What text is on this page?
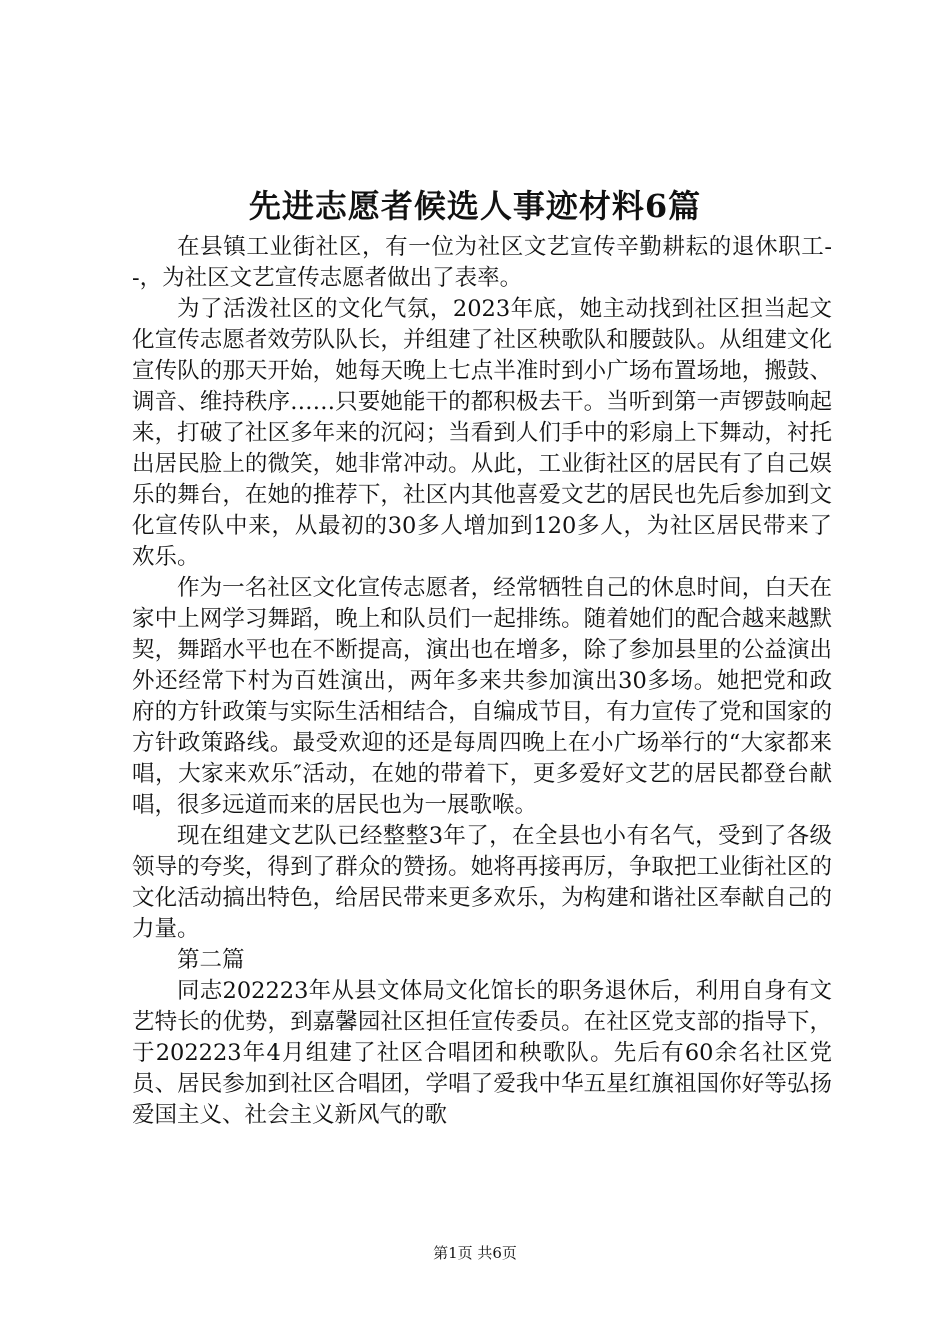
先进志愿者候选人事迹材料6篇

在县镇工业街社区，有一位为社区文艺宣传辛勤耕耘的退休职工--，为社区文艺宣传志愿者做出了表率。

为了活泼社区的文化气氛，2023年底，她主动找到社区担当起文化宣传志愿者效劳队队长，并组建了社区秧歌队和腰鼓队。从组建文化宣传队的那天开始，她每天晚上七点半准时到小广场布置场地，搬鼓、调音、维持秩序……只要她能干的都积极去干。当听到第一声锣鼓响起来，打破了社区多年来的沉闷；当看到人们手中的彩扇上下舞动，衬托出居民脸上的微笑，她非常冲动。从此，工业街社区的居民有了自己娱乐的舞台，在她的推荐下，社区内其他喜爱文艺的居民也先后参加到文化宣传队中来，从最初的30多人增加到120多人，为社区居民带来了欢乐。

作为一名社区文化宣传志愿者，经常牺牲自己的休息时间，白天在家中上网学习舞蹈，晚上和队员们一起排练。随着她们的配合越来越默契，舞蹈水平也在不断提高，演出也在增多，除了参加县里的公益演出外还经常下村为百姓演出，两年多来共参加演出30多场。她把党和政府的方针政策与实际生活相结合，自编成节目，有力宣传了党和国家的方针政策路线。最受欢迎的还是每周四晚上在小广场举行的“大家都来唱，大家来欢乐″活动，在她的带着下，更多爱好文艺的居民都登台献唱，很多远道而来的居民也为一展歌喉。

现在组建文艺队已经整整3年了，在全县也小有名气，受到了各级领导的夸奖，得到了群众的赞扬。她将再接再厉，争取把工业街社区的文化活动搞出特色，给居民带来更多欢乐，为构建和谐社区奉献自己的力量。

第二篇

同志202223年从县文体局文化馆长的职务退休后，利用自身有文艺特长的优势，到嘉馨园社区担任宣传委员。在社区党支部的指导下，于202223年4月组建了社区合唱团和秧歌队。先后有60余名社区党员、居民参加到社区合唱团，学唱了爱我中华五星红旗祖国你好等弘扬爱国主义、社会主义新风气的歌

第1页 共6页
